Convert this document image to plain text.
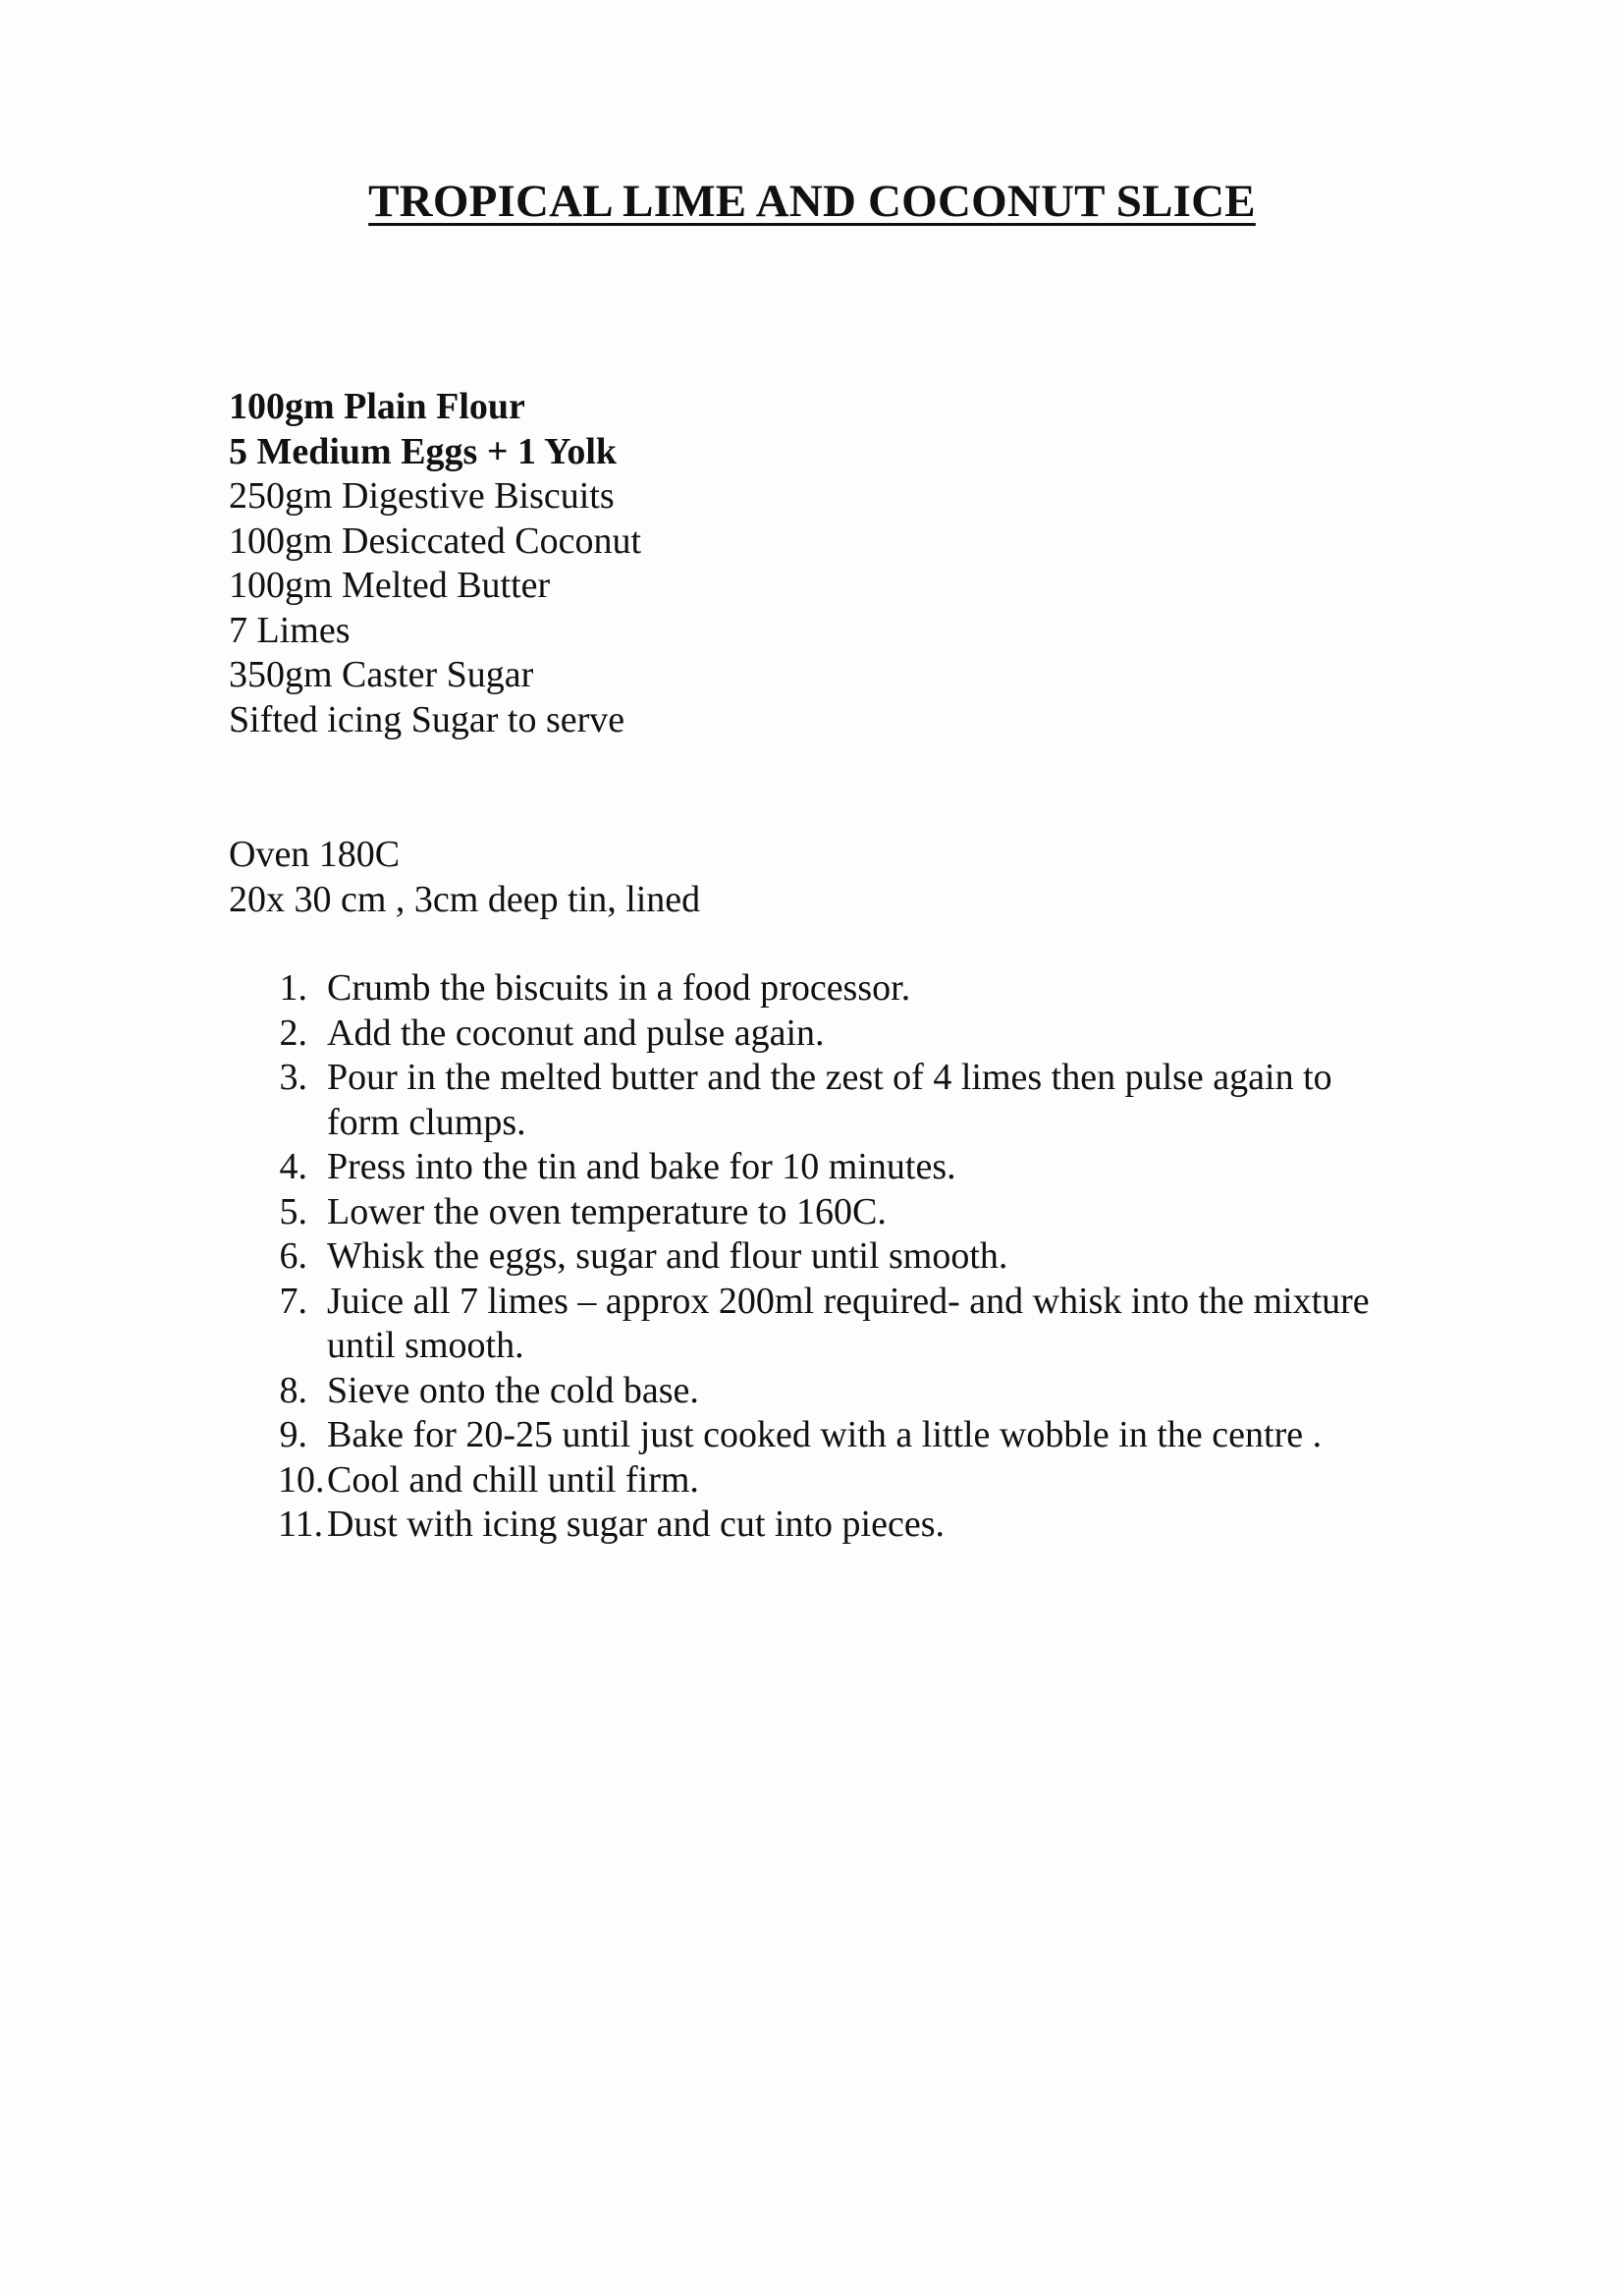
TROPICAL LIME AND COCONUT SLICE
100gm Plain Flour
5 Medium Eggs + 1 Yolk
250gm Digestive Biscuits
100gm Desiccated Coconut
100gm Melted Butter
7 Limes
350gm Caster Sugar
Sifted icing Sugar to serve
Oven 180C
20x 30 cm , 3cm deep tin, lined
1. Crumb the biscuits in a food processor.
2. Add the coconut and pulse again.
3. Pour in the melted butter and the zest of 4 limes then pulse again to form clumps.
4. Press into the tin and bake for 10 minutes.
5. Lower the oven temperature to 160C.
6. Whisk the eggs, sugar and flour until smooth.
7. Juice all 7 limes – approx 200ml required- and whisk into the mixture until smooth.
8. Sieve onto the cold base.
9. Bake for 20-25 until just cooked with a little wobble in the centre .
10. Cool and chill until firm.
11. Dust with icing sugar and cut into pieces.
